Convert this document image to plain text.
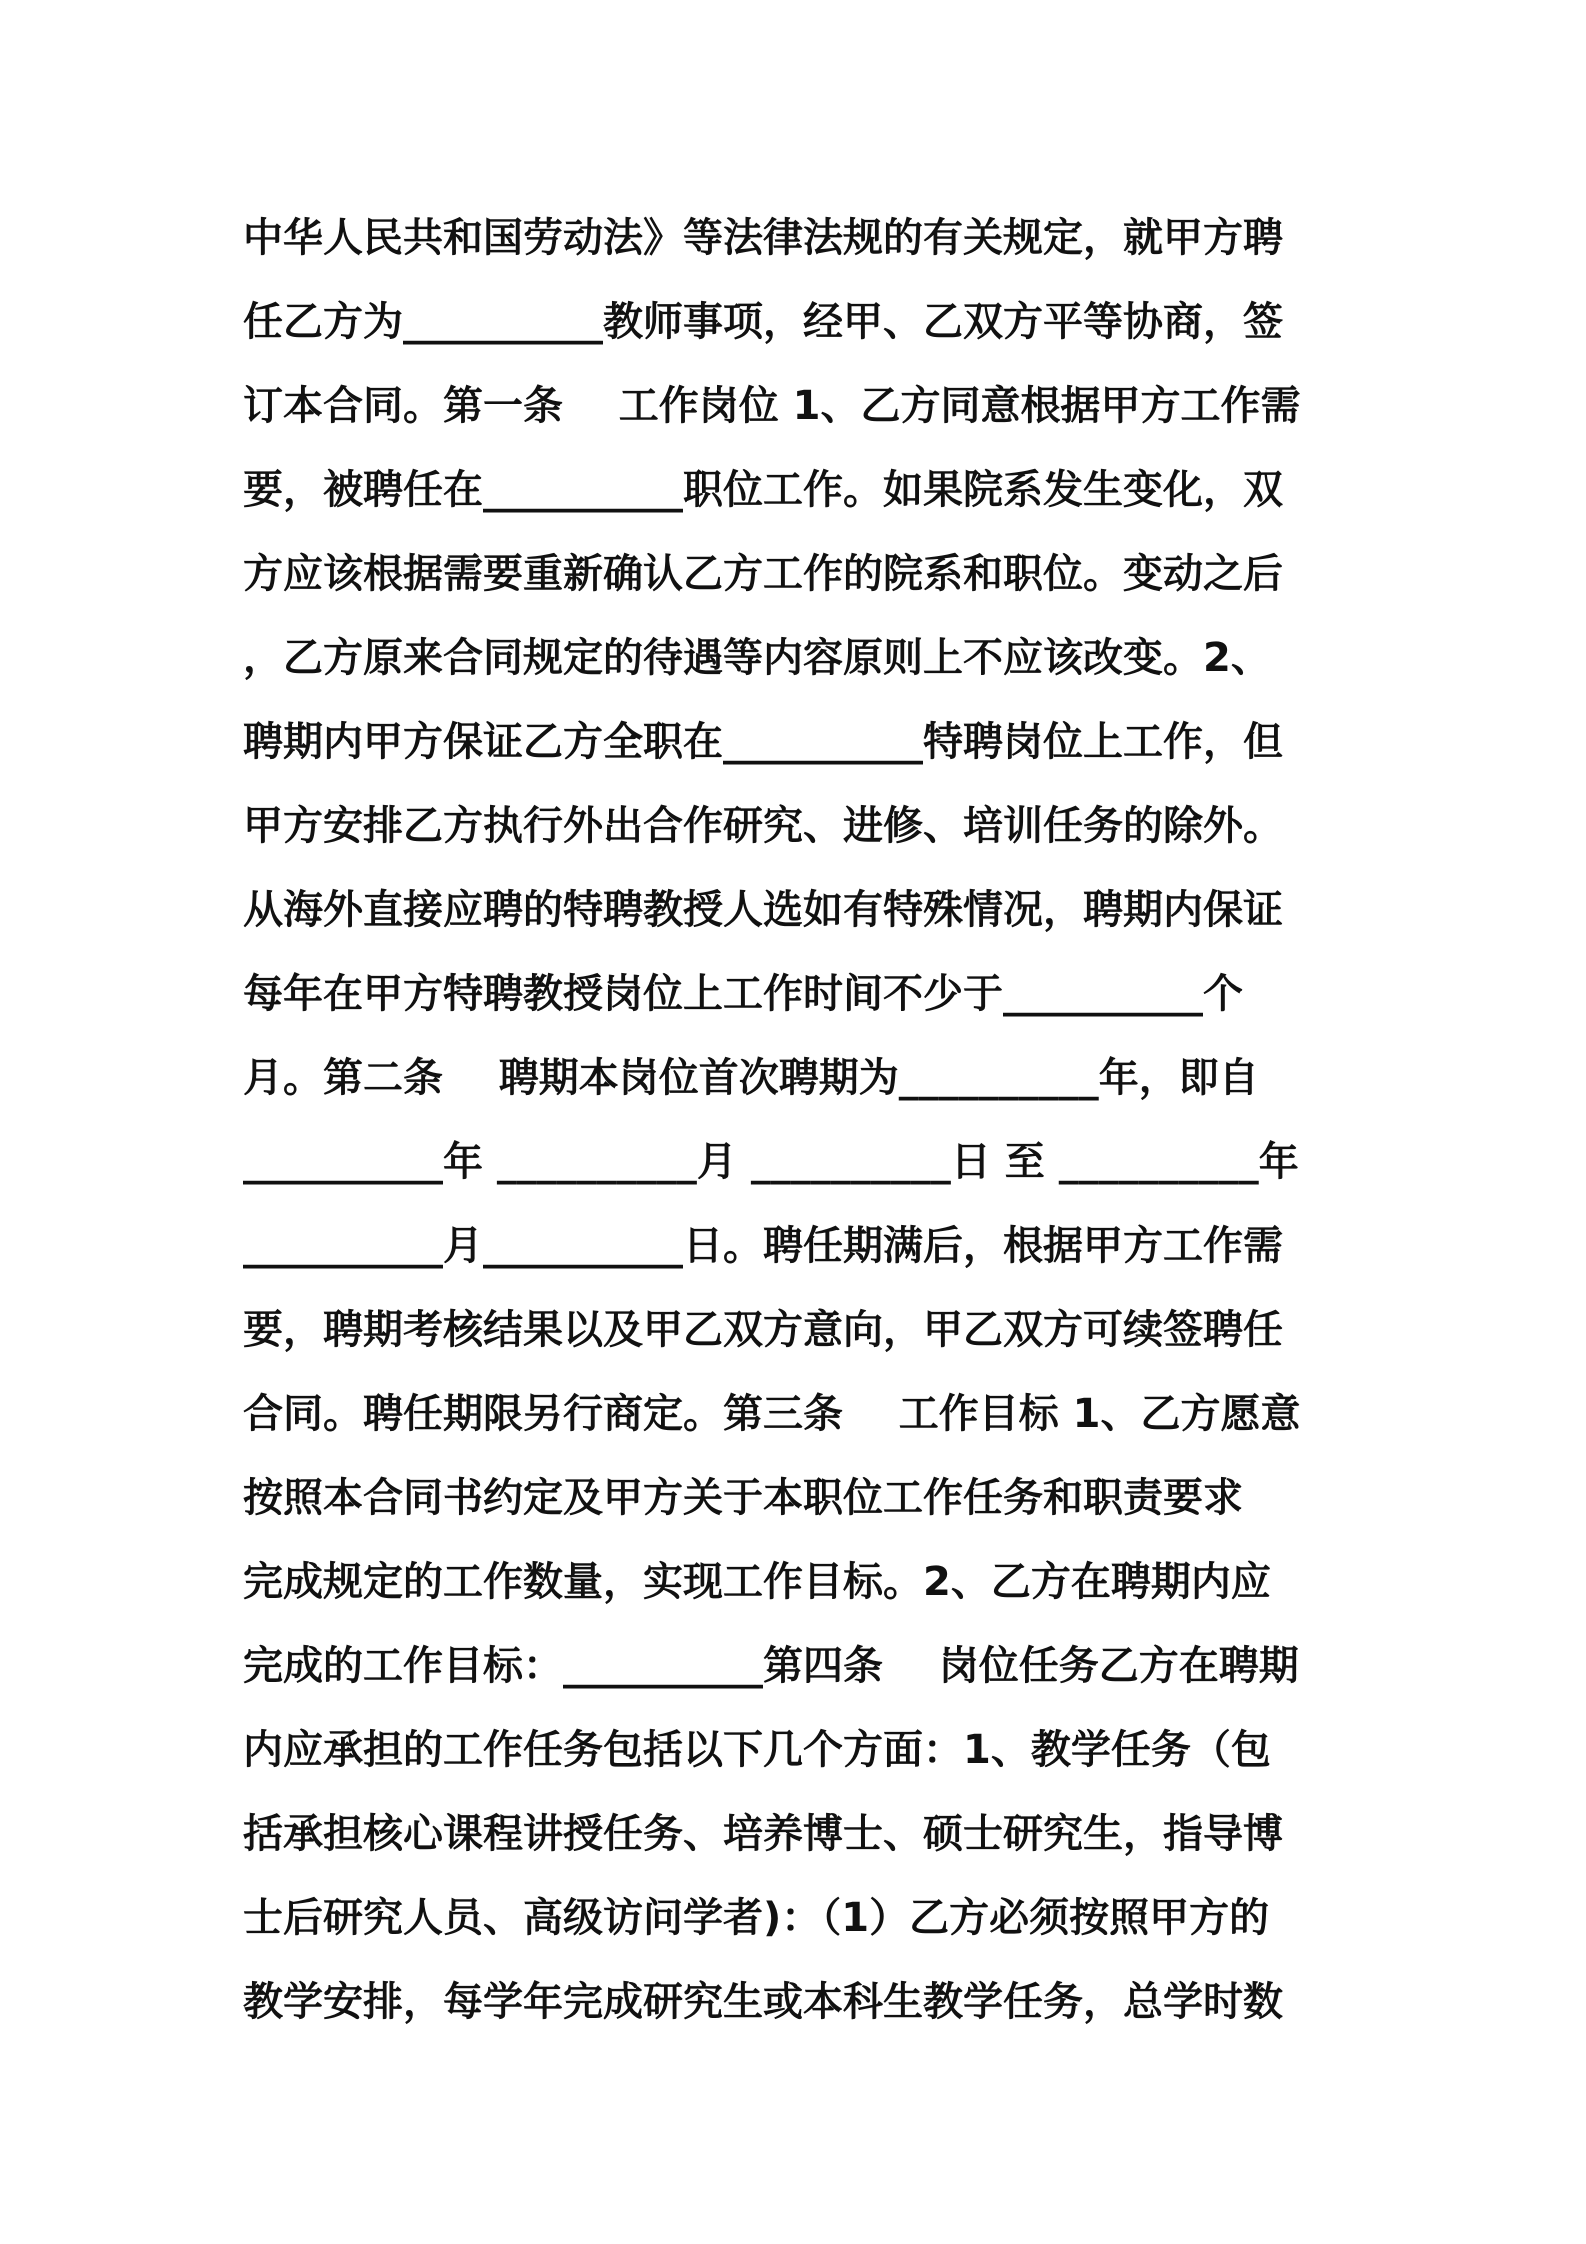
中华人民共和国劳动法》等法律法规的有关规定，就甲方聘
任乙方为__________教师事项，经甲、乙双方平等协商，签
订本合同。第一条    工作岗位 1、乙方同意根据甲方工作需
要，被聘任在__________职位工作。如果院系发生变化，双
方应该根据需要重新确认乙方工作的院系和职位。变动之后
，乙方原来合同规定的待遇等内容原则上不应该改变。2、
聘期内甲方保证乙方全职在__________特聘岗位上工作，但
甲方安排乙方执行外出合作研究、进修、培训任务的除外。
从海外直接应聘的特聘教授人选如有特殊情况，聘期内保证
每年在甲方特聘教授岗位上工作时间不少于__________个
月。第二条    聘期本岗位首次聘期为__________年，即自
__________年 __________月 __________日 至 __________年
__________月__________日。聘任期满后，根据甲方工作需
要，聘期考核结果以及甲乙双方意向，甲乙双方可续签聘任
合同。聘任期限另行商定。第三条    工作目标 1、乙方愿意
按照本合同书约定及甲方关于本职位工作任务和职责要求
完成规定的工作数量，实现工作目标。2、乙方在聘期内应
完成的工作目标：__________第四条    岗位任务乙方在聘期
内应承担的工作任务包括以下几个方面：1、教学任务（包
括承担核心课程讲授任务、培养博士、硕士研究生，指导博
士后研究人员、高级访问学者)：（1）乙方必须按照甲方的
教学安排，每学年完成研究生或本科生教学任务，总学时数
